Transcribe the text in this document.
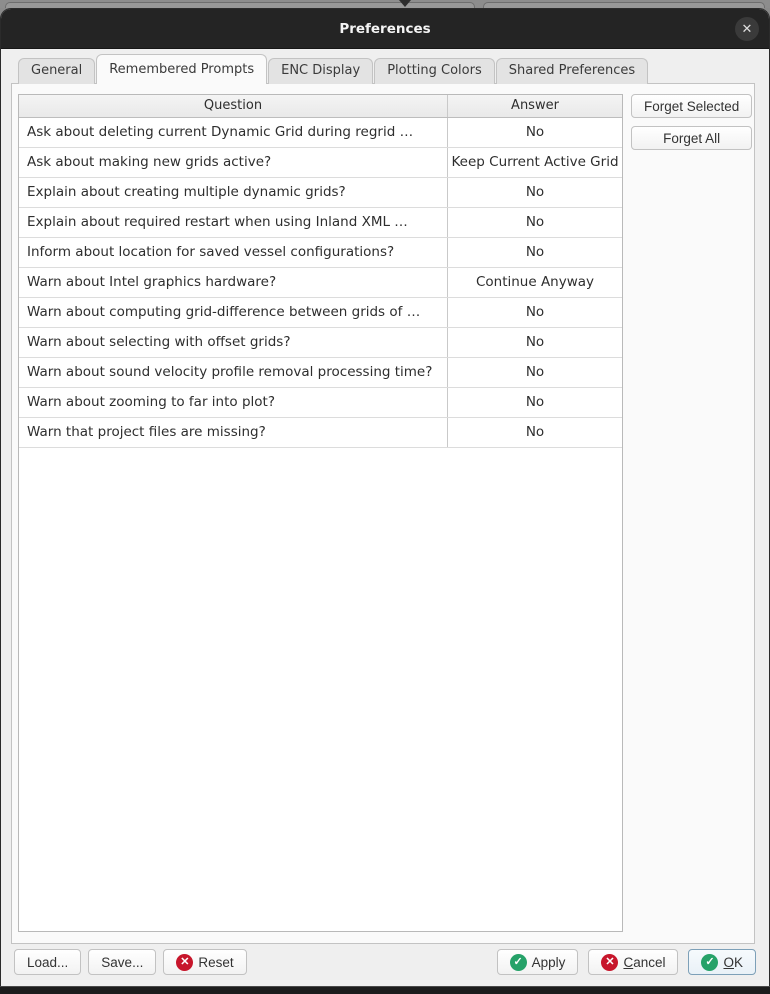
Preferences	✕
General	Remembered Prompts	ENC Display	Plotting Colors	Shared Preferences
Question	Answer
Ask about deleting current Dynamic Grid during regrid …	No
Ask about making new grids active?	Keep Current Active Grid
Explain about creating multiple dynamic grids?	No
Explain about required restart when using Inland XML …	No
Inform about location for saved vessel configurations?	No
Warn about Intel graphics hardware?	Continue Anyway
Warn about computing grid-difference between grids of …	No
Warn about selecting with offset grids?	No
Warn about sound velocity profile removal processing time?	No
Warn about zooming to far into plot?	No
Warn that project files are missing?	No
Forget Selected
Forget All
Load...	Save...	✕ Reset	✓ Apply	✕ Cancel	✓ OK
